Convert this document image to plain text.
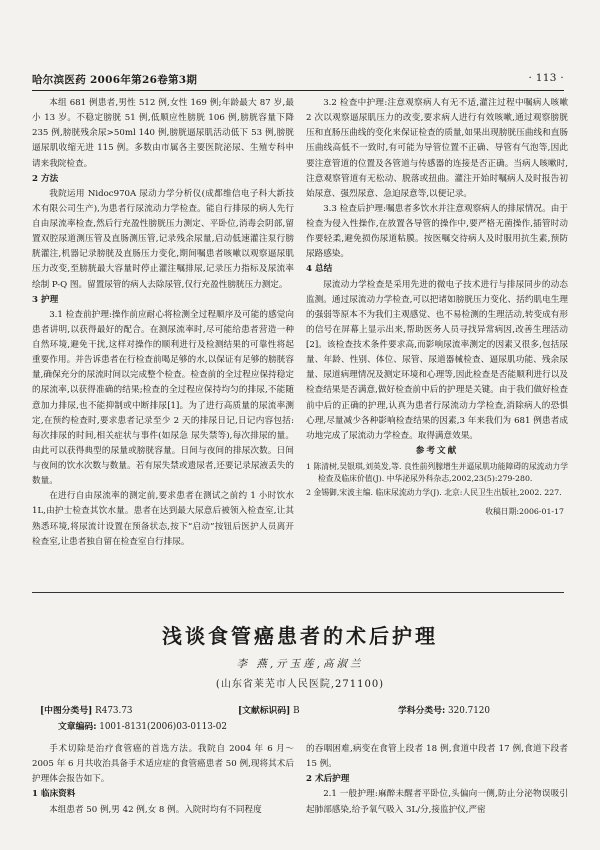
哈尔滨医药 2006年第26卷第3期	· 113 ·

本组 681 例患者,男性 512 例,女性 169 例;年龄最大 87 岁,最小 13 岁。不稳定膀胱 51 例,低顺应性膀胱 106 例,膀胱容量下降 235 例,膀胱残余尿>50ml 140 例,膀胱逼尿肌活动低下 53 例,膀胱逼尿肌收缩无进 115 例。多数由市属各主要医院泌尿、生殖专科申请来我院检查。

2 方法

我院运用 Nidoc970A 尿动力学分析仪(成都维信电子科大新技术有限公司生产),为患者行尿流动力学检查。能自行排尿的病人先行自由尿流率检查,然后行充盈性膀胱压力测定、平卧位,消毒会阴部,留置双腔尿道测压管及直肠测压管,记录残余尿量,启动低速灌注泵行膀胱灌注,机器记录膀胱及直肠压力变化,期间嘱患者咳嗽以观察逼尿肌压力改变,至膀胱最大容量时停止灌注嘱排尿,记录压力指标及尿流率绘制 P-Q 图。留置尿管的病人去除尿管,仅行充盈性膀胱压力测定。

3 护理

3.1 检查前护理:操作前应耐心将检测全过程顺序及可能的感觉向患者讲明,以获得最好的配合。在测尿流率时,尽可能给患者营造一种自然环境,避免干扰,这样对操作的顺利进行及检测结果的可靠性将起重要作用。并告诉患者在行检查前喝足够的水,以保证有足够的膀胱容量,确保充分的尿流时间以完成整个检查。检查前的全过程应保持稳定的尿流率,以获得准确的结果;检查的全过程应保持均匀的排尿,不能随意加力排尿,也不能抑制或中断排尿[1]。为了进行高质量的尿流率测定,在预约检查时,要求患者记录至少 2 天的排尿日记,日记内容包括:每次排尿的时间,相关症状与事件(如尿急 尿失禁等),每次排尿的量。由此可以获得典型的尿量或膀胱容量。日间与夜间的排尿次数。日间与夜间的饮水次数与数量。若有尿失禁或遗尿者,还要记录尿液丢失的数量。

在进行自由尿流率的测定前,要求患者在测试之前约 1 小时饮水 1L,由护士检查其饮水量。患者在达到最大尿意后被领入检查室,让其熟悉环境,将尿流计设置在预备状态,按下“启动”按钮后医护人员离开检查室,让患者独自留在检查室自行排尿。

3.2 检查中护理:注意观察病人有无不适,灌注过程中嘱病人咳嗽 2 次以观察逼尿肌压力的改变,要求病人进行有效咳嗽,通过观察膀胱压和直肠压曲线的变化来保证检查的质量,如果出现膀胱压曲线和直肠压曲线高低不一致时,有可能为导管位置不正确、导管有气泡等,因此要注意管道的位置及各管道与传感器的连接是否正确。当病人咳嗽时,注意观察管道有无松动、脱落或扭曲。灌注开始时嘱病人及时报告初始尿意、强烈尿意、急迫尿意等,以便记录。

3.3 检查后护理:嘱患者多饮水并注意观察病人的排尿情况。由于检查为侵入性操作,在放置各导管的操作中,要严格无菌操作,插管时动作要轻柔,避免损伤尿道粘膜。按医嘱交待病人及时服用抗生素,预防尿路感染。

4 总结

尿流动力学检查是采用先进的微电子技术进行与排尿同步的动态监测。通过尿流动力学检查,可以把诸如膀胱压力变化、括约肌电生理的强弱等原本不为我们主观感觉、也不易检测的生理活动,转变成有形的信号在屏幕上显示出来,帮助医务人员寻找异常病因,改善生理活动[2]。该检查技术条件要求高,而影响尿流率测定的因素又很多,包括尿量、年龄、性别、体位、尿管、尿道器械检查、逼尿肌功能、残余尿量、尿道病理情况及测定环境和心理等,因此检查是否能顺利进行以及检查结果是否满意,做好检查前中后的护理是关键。由于我们做好检查前中后的正确的护理,认真为患者行尿流动力学检查,消除病人的恐惧心理,尽量减少各种影响检查结果的因素,3 年来我们为 681 例患者成功地完成了尿流动力学检查。取得满意效果。

参考文献

1 陈清树,吴银琪,刘英发,等. 良性前列腺增生并逼尿肌功能障碍的尿流动力学检查及临床价值(J). 中华泌尿外科杂志,2002,23(5):279-280.

2 金锡御,宋波主编. 临床尿流动力学(J). 北京:人民卫生出版社,2002. 227.

收稿日期:2006-01-17

浅谈食管癌患者的术后护理
李 燕,亓玉莲,高淑兰
(山东省莱芜市人民医院,271100)
[中图分类号] R473.73	[文献标识码] B	学科分类号: 320.7120
文章编码: 1001-8131(2006)03-0113-02

手术切除是治疗食管癌的首选方法。我院自 2004 年 6 月～2005 年 6 月共收治具备手术适应症的食管癌患者 50 例,现将其术后护理体会报告如下。

1 临床资料

本组患者 50 例,男 42 例,女 8 例。入院时均有不同程度

的吞咽困难,病变在食管上段者 18 例,食道中段者 17 例,食道下段者 15 例。

2 术后护理

2.1 一般护理:麻醉未醒者平卧位,头偏向一侧,防止分泌物误吸引起肺部感染,给予氧气吸入 3L/分,接监护仪,严密
